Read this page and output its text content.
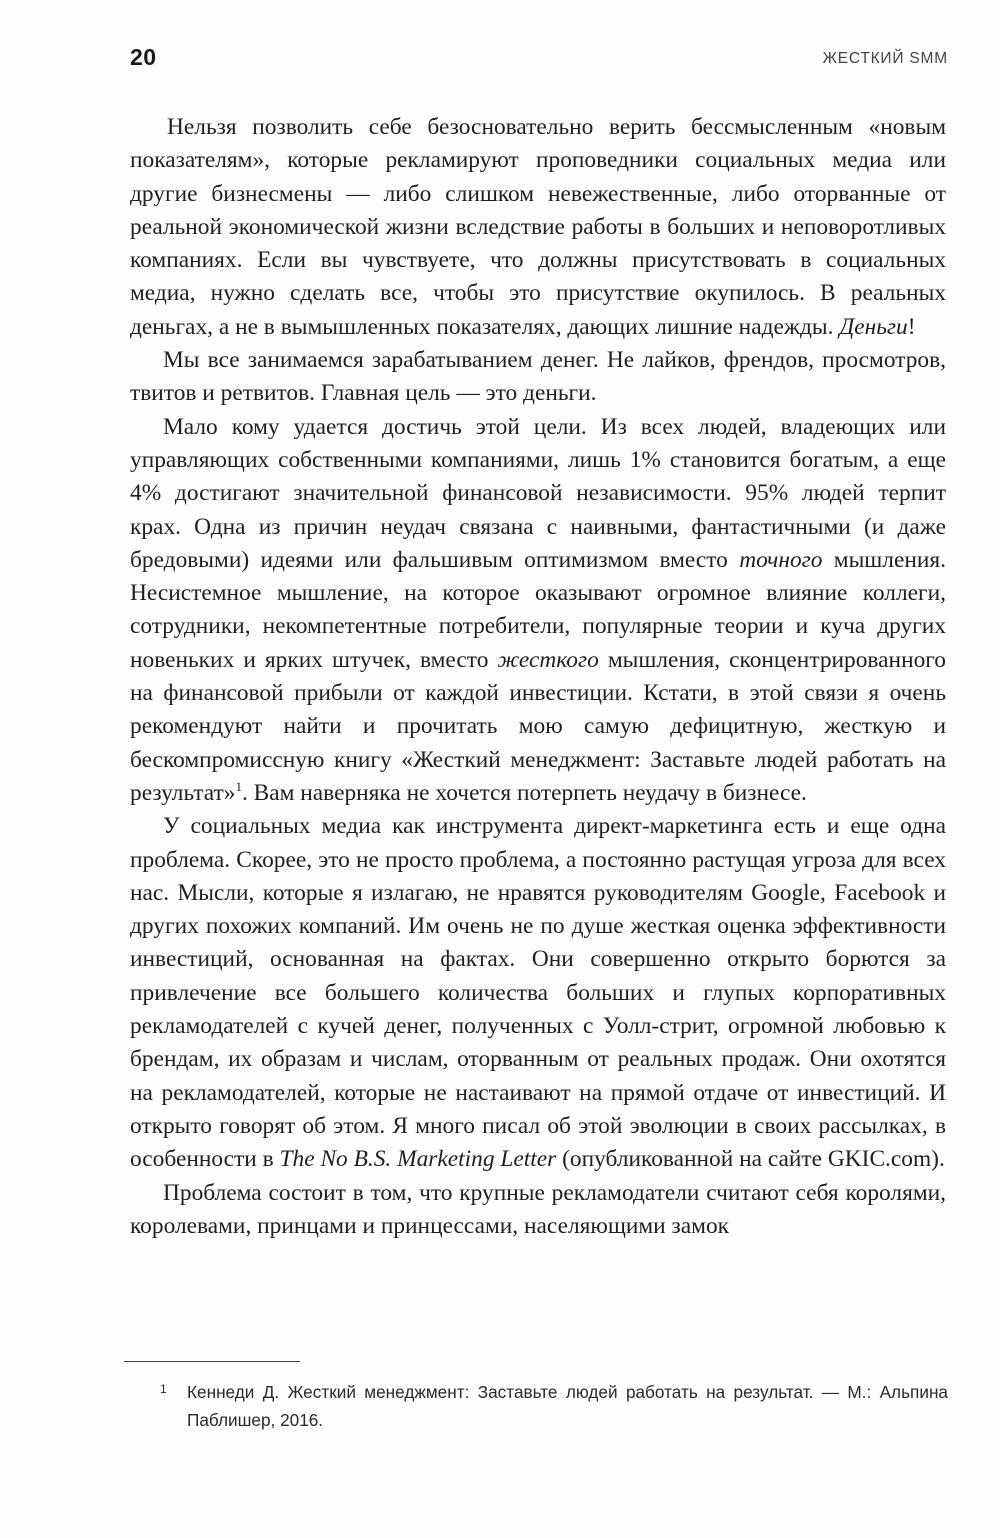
20	ЖЕСТКИЙ SMM

Нельзя позволить себе безосновательно верить бессмысленным «новым показателям», которые рекламируют проповедники социальных медиа или другие бизнесмены — либо слишком невежественные, либо оторванные от реальной экономической жизни вследствие работы в больших и неповоротливых компаниях. Если вы чувствуете, что должны присутствовать в социальных медиа, нужно сделать все, чтобы это присутствие окупилось. В реальных деньгах, а не в вымышленных показателях, дающих лишние надежды. Деньги!

Мы все занимаемся зарабатыванием денег. Не лайков, френдов, просмотров, твитов и ретвитов. Главная цель — это деньги.

Мало кому удается достичь этой цели. Из всех людей, владеющих или управляющих собственными компаниями, лишь 1% становится богатым, а еще 4% достигают значительной финансовой независимости. 95% людей терпит крах. Одна из причин неудач связана с наивными, фантастичными (и даже бредовыми) идеями или фальшивым оптимизмом вместо точного мышления. Несистемное мышление, на которое оказывают огромное влияние коллеги, сотрудники, некомпетентные потребители, популярные теории и куча других новеньких и ярких штучек, вместо жесткого мышления, сконцентрированного на финансовой прибыли от каждой инвестиции. Кстати, в этой связи я очень рекомендуют найти и прочитать мою самую дефицитную, жесткую и бескомпромиссную книгу «Жесткий менеджмент: Заставьте людей работать на результат»$^1$. Вам наверняка не хочется потерпеть неудачу в бизнесе.

У социальных медиа как инструмента директ-маркетинга есть и еще одна проблема. Скорее, это не просто проблема, а постоянно растущая угроза для всех нас. Мысли, которые я излагаю, не нравятся руководителям Google, Facebook и других похожих компаний. Им очень не по душе жесткая оценка эффективности инвестиций, основанная на фактах. Они совершенно открыто борются за привлечение все большего количества больших и глупых корпоративных рекламодателей с кучей денег, полученных с Уолл-стрит, огромной любовью к брендам, их образам и числам, оторванным от реальных продаж. Они охотятся на рекламодателей, которые не настаивают на прямой отдаче от инвестиций. И открыто говорят об этом. Я много писал об этой эволюции в своих рассылках, в особенности в The No B.S. Marketing Letter (опубликованной на сайте GKIC.com).

Проблема состоит в том, что крупные рекламодатели считают себя королями, королевами, принцами и принцессами, населяющими замок

1 Кеннеди Д. Жесткий менеджмент: Заставьте людей работать на результат. — М.: Альпина Паблишер, 2016.
